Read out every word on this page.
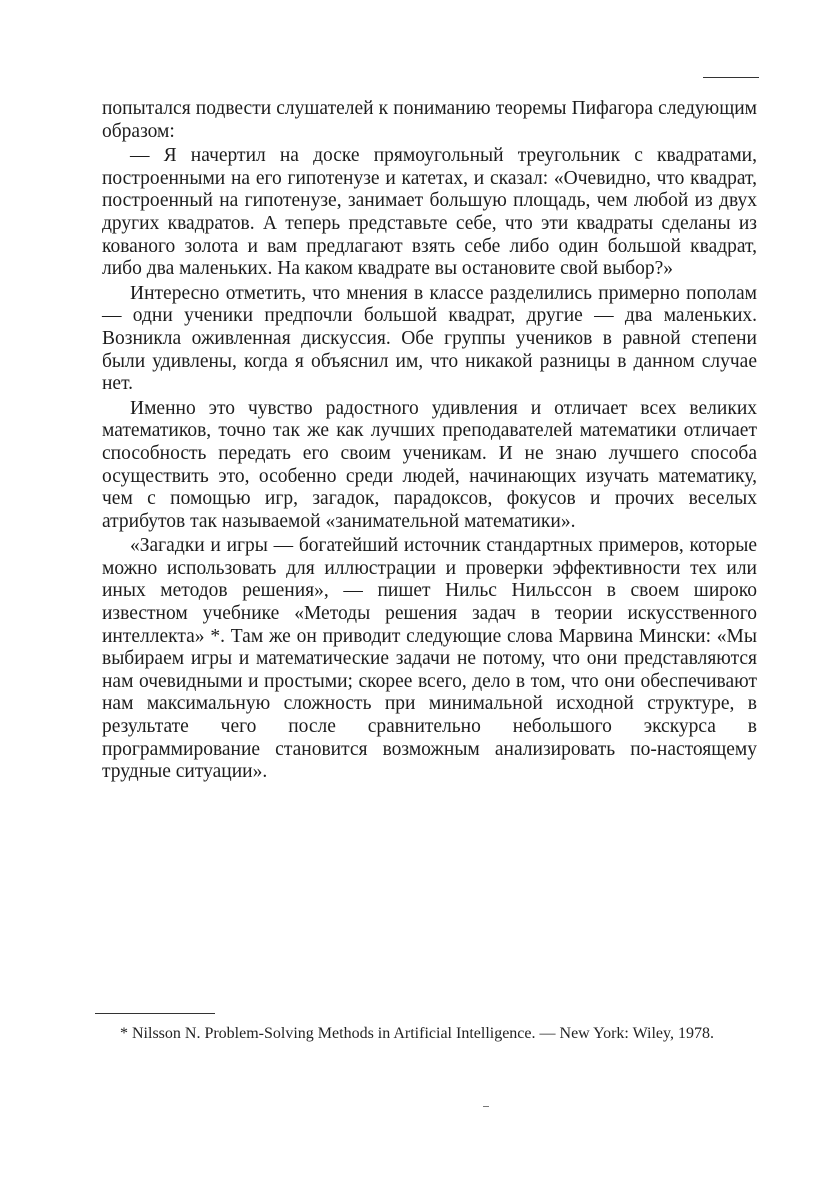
попытался подвести слушателей к пониманию теоремы Пифагора следующим образом:

— Я начертил на доске прямоугольный треугольник с квадратами, построенными на его гипотенузе и катетах, и сказал: «Очевидно, что квадрат, построенный на гипотенузе, занимает большую площадь, чем любой из двух других квадратов. А теперь представьте себе, что эти квадраты сделаны из кованого золота и вам предлагают взять себе либо один большой квадрат, либо два маленьких. На каком квадрате вы остановите свой выбор?»

Интересно отметить, что мнения в классе разделились примерно пополам — одни ученики предпочли большой квадрат, другие — два маленьких. Возникла оживленная дискуссия. Обе группы учеников в равной степени были удивлены, когда я объяснил им, что никакой разницы в данном случае нет.

Именно это чувство радостного удивления и отличает всех великих математиков, точно так же как лучших преподавателей математики отличает способность передать его своим ученикам. И не знаю лучшего способа осуществить это, особенно среди людей, начинающих изучать математику, чем с помощью игр, загадок, парадоксов, фокусов и прочих веселых атрибутов так называемой «занимательной математики».

«Загадки и игры — богатейший источник стандартных примеров, которые можно использовать для иллюстрации и проверки эффективности тех или иных методов решения», — пишет Нильс Нильссон в своем широко известном учебнике «Методы решения задач в теории искусственного интеллекта» *. Там же он приводит следующие слова Марвина Мински: «Мы выбираем игры и математические задачи не потому, что они представляются нам очевидными и простыми; скорее всего, дело в том, что они обеспечивают нам максимальную сложность при минимальной исходной структуре, в результате чего после сравнительно небольшого экскурса в программирование становится возможным анализировать по-настоящему трудные ситуации».

* Nilsson N. Problem-Solving Methods in Artificial Intelligence. — New York: Wiley, 1978.
